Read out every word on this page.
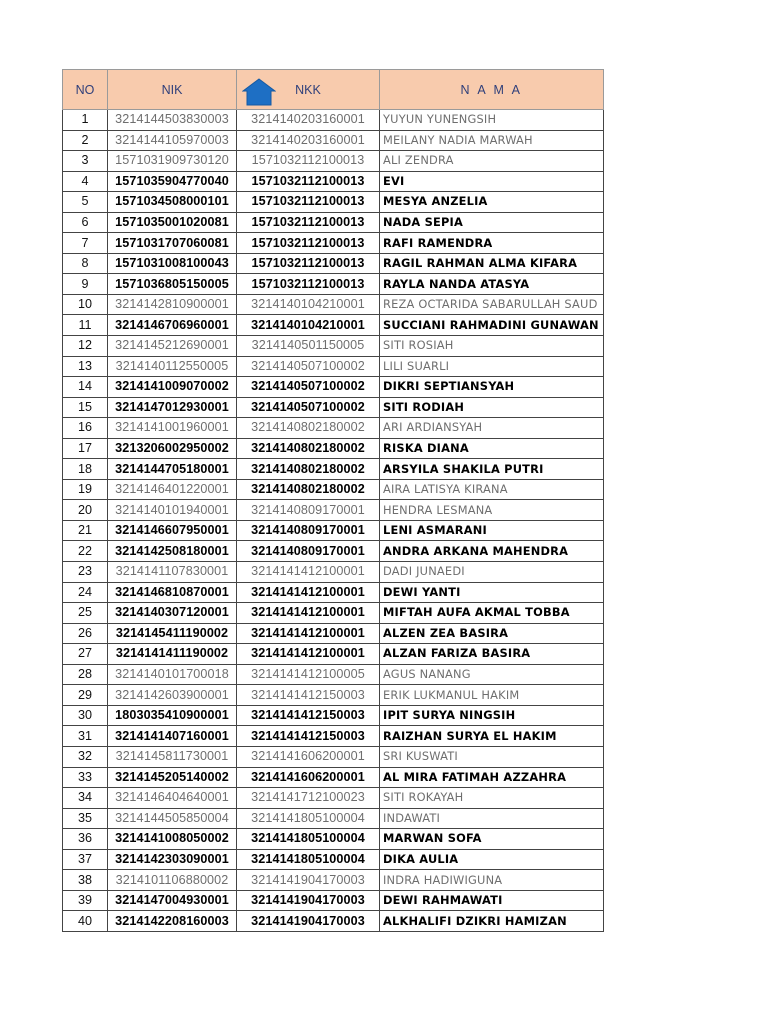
NO	NIK	NKK	N A M A
1	3214144503830003	3214140203160001	YUYUN YUNENGSIH
2	3214144105970003	3214140203160001	MEILANY NADIA MARWAH
3	1571031909730120	1571032112100013	ALI ZENDRA
4	1571035904770040	1571032112100013	EVI
5	1571034508000101	1571032112100013	MESYA ANZELIA
6	1571035001020081	1571032112100013	NADA SEPIA
7	1571031707060081	1571032112100013	RAFI RAMENDRA
8	1571031008100043	1571032112100013	RAGIL RAHMAN ALMA KIFARA
9	1571036805150005	1571032112100013	RAYLA NANDA ATASYA
10	3214142810900001	3214140104210001	REZA OCTARIDA SABARULLAH SAUD
11	3214146706960001	3214140104210001	SUCCIANI RAHMADINI GUNAWAN
12	3214145212690001	3214140501150005	SITI ROSIAH
13	3214140112550005	3214140507100002	LILI SUARLI
14	3214141009070002	3214140507100002	DIKRI SEPTIANSYAH
15	3214147012930001	3214140507100002	SITI RODIAH
16	3214141001960001	3214140802180002	ARI ARDIANSYAH
17	3213206002950002	3214140802180002	RISKA DIANA
18	3214144705180001	3214140802180002	ARSYILA SHAKILA PUTRI
19	3214146401220001	3214140802180002	AIRA LATISYA KIRANA
20	3214140101940001	3214140809170001	HENDRA LESMANA
21	3214146607950001	3214140809170001	LENI ASMARANI
22	3214142508180001	3214140809170001	ANDRA ARKANA MAHENDRA
23	3214141107830001	3214141412100001	DADI JUNAEDI
24	3214146810870001	3214141412100001	DEWI YANTI
25	3214140307120001	3214141412100001	MIFTAH AUFA AKMAL TOBBA
26	3214145411190002	3214141412100001	ALZEN ZEA BASIRA
27	3214141411190002	3214141412100001	ALZAN FARIZA BASIRA
28	3214140101700018	3214141412100005	AGUS NANANG
29	3214142603900001	3214141412150003	ERIK LUKMANUL HAKIM
30	1803035410900001	3214141412150003	IPIT SURYA NINGSIH
31	3214141407160001	3214141412150003	RAIZHAN SURYA EL HAKIM
32	3214145811730001	3214141606200001	SRI KUSWATI
33	3214145205140002	3214141606200001	AL MIRA FATIMAH AZZAHRA
34	3214146404640001	3214141712100023	SITI ROKAYAH
35	3214144505850004	3214141805100004	INDAWATI
36	3214141008050002	3214141805100004	MARWAN SOFA
37	3214142303090001	3214141805100004	DIKA AULIA
38	3214101106880002	3214141904170003	INDRA HADIWIGUNA
39	3214147004930001	3214141904170003	DEWI RAHMAWATI
40	3214142208160003	3214141904170003	ALKHALIFI DZIKRI HAMIZAN
